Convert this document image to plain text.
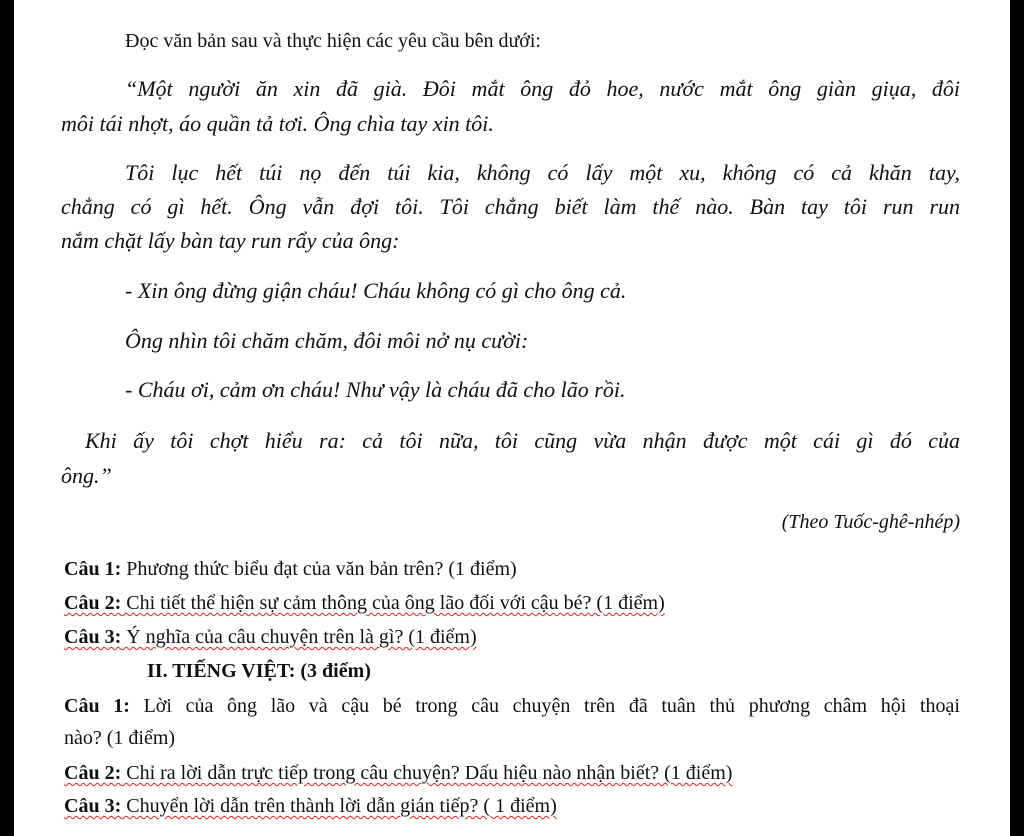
Đọc văn bản sau và thực hiện các yêu cầu bên dưới:
“Một người ăn xin đã già. Đôi mắt ông đỏ hoe, nước mắt ông giàn giụa, đôi
môi tái nhợt, áo quần tả tơi. Ông chìa tay xin tôi.
Tôi lục hết túi nọ đến túi kia, không có lấy một xu, không có cả khăn tay,
chẳng có gì hết. Ông vẫn đợi tôi. Tôi chẳng biết làm thế nào. Bàn tay tôi run run
nắm chặt lấy bàn tay run rẩy của ông:
- Xin ông đừng giận cháu! Cháu không có gì cho ông cả.
Ông nhìn tôi chăm chăm, đôi môi nở nụ cười:
- Cháu ơi, cảm ơn cháu! Như vậy là cháu đã cho lão rồi.
Khi ấy tôi chợt hiểu ra: cả tôi nữa, tôi cũng vừa nhận được một cái gì đó của
ông.”
(Theo Tuốc-ghê-nhép)
Câu 1: Phương thức biểu đạt của văn bản trên? (1 điểm)
Câu 2: Chi tiết thể hiện sự cảm thông của ông lão đối với cậu bé? (1 điểm)
Câu 3: Ý nghĩa của câu chuyện trên là gì? (1 điểm)
II. TIẾNG VIỆT: (3 điểm)
Câu 1: Lời của ông lão và cậu bé trong câu chuyện trên đã tuân thủ phương châm hội thoại
nào? (1 điểm)
Câu 2: Chỉ ra lời dẫn trực tiếp trong câu chuyện? Dấu hiệu nào nhận biết? (1 điểm)
Câu 3: Chuyển lời dẫn trên thành lời dẫn gián tiếp? ( 1 điểm)
